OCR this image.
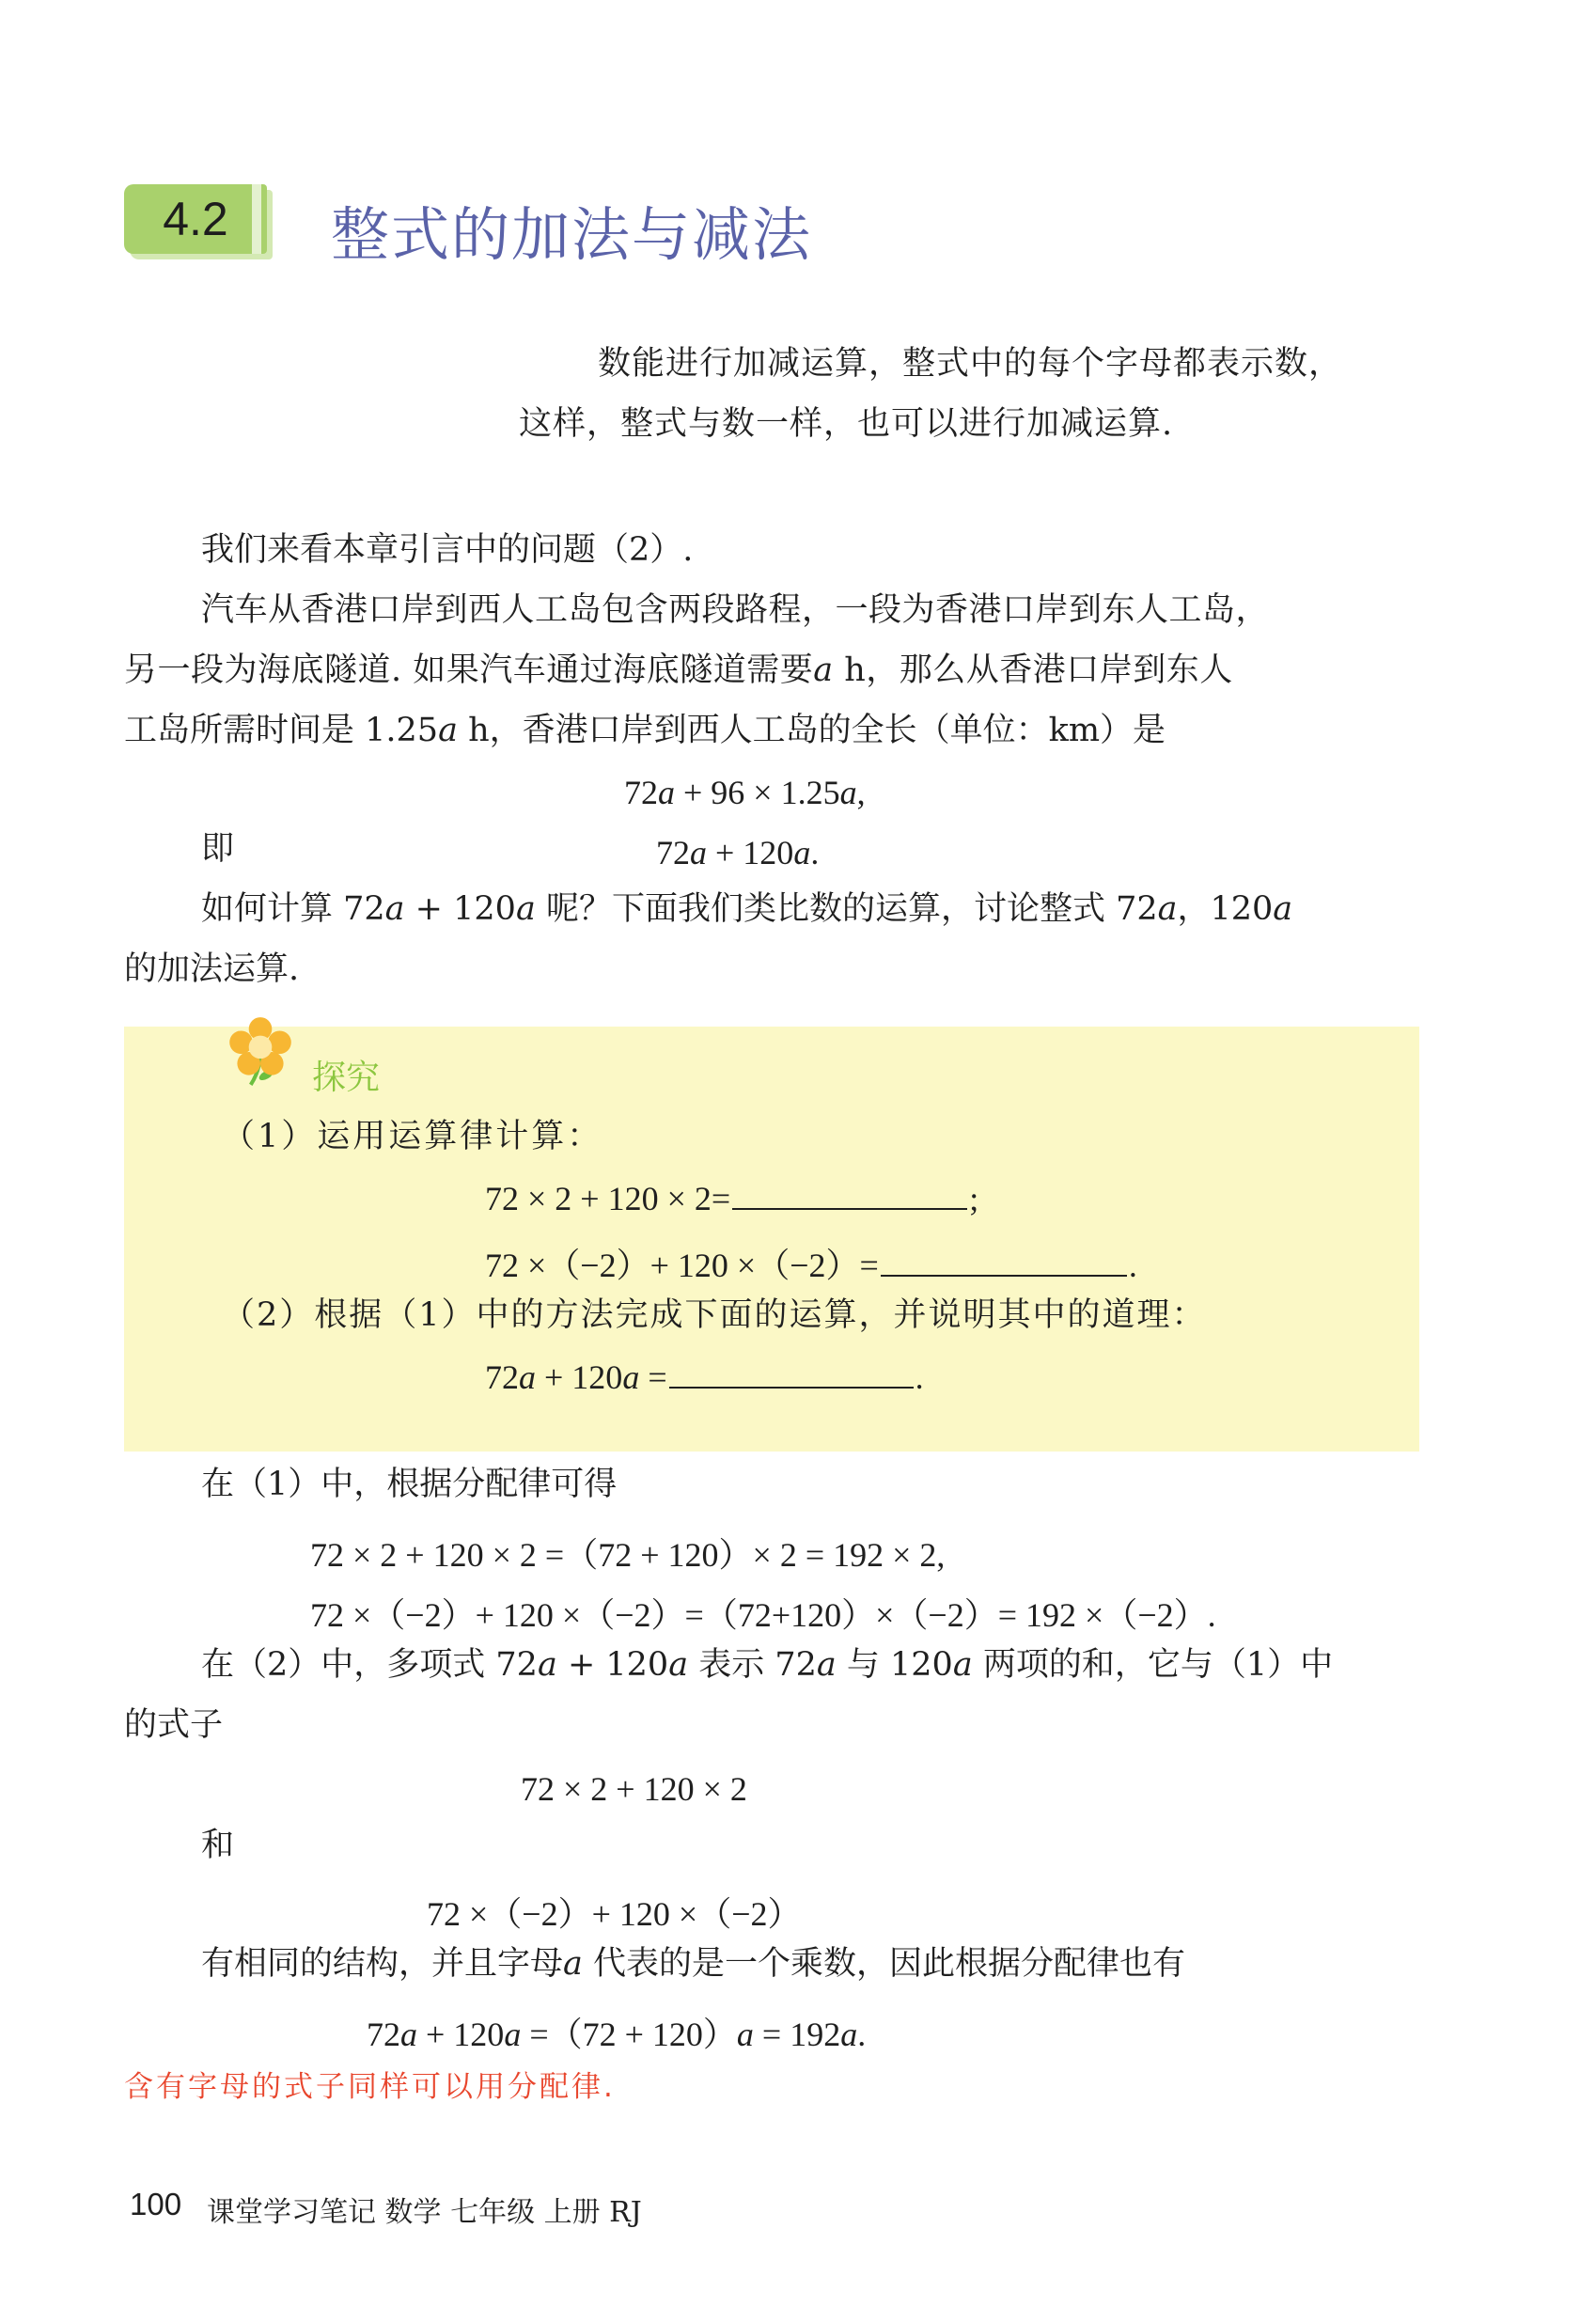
4.2	整式的加法与减法
数能进行加减运算，整式中的每个字母都表示数，
这样，整式与数一样，也可以进行加减运算.
我们来看本章引言中的问题（2）.
汽车从香港口岸到西人工岛包含两段路程，一段为香港口岸到东人工岛，
另一段为海底隧道. 如果汽车通过海底隧道需要a h，那么从香港口岸到东人
工岛所需时间是 1.25a h，香港口岸到西人工岛的全长（单位：km）是
72a + 96 × 1.25a,
即	72a + 120a.
如何计算 72a + 120a 呢？下面我们类比数的运算，讨论整式 72a，120a
的加法运算.
探究
（1）运用运算律计算：
72 × 2 + 120 × 2=	;
72 ×（−2）+ 120 ×（−2）=	.
（2）根据（1）中的方法完成下面的运算，并说明其中的道理：
72a + 120a =	.
在（1）中，根据分配律可得
72 × 2 + 120 × 2 =（72 + 120）× 2 = 192 × 2,
72 ×（−2）+ 120 ×（−2）=（72+120）×（−2）= 192 ×（−2）.
在（2）中，多项式 72a + 120a 表示 72a 与 120a 两项的和，它与（1）中
的式子
72 × 2 + 120 × 2
和
72 ×（−2）+ 120 ×（−2）
有相同的结构，并且字母a 代表的是一个乘数，因此根据分配律也有
72a + 120a =（72 + 120）a = 192a.
含有字母的式子同样可以用分配律.
100 课堂学习笔记 数学 七年级 上册 RJ
